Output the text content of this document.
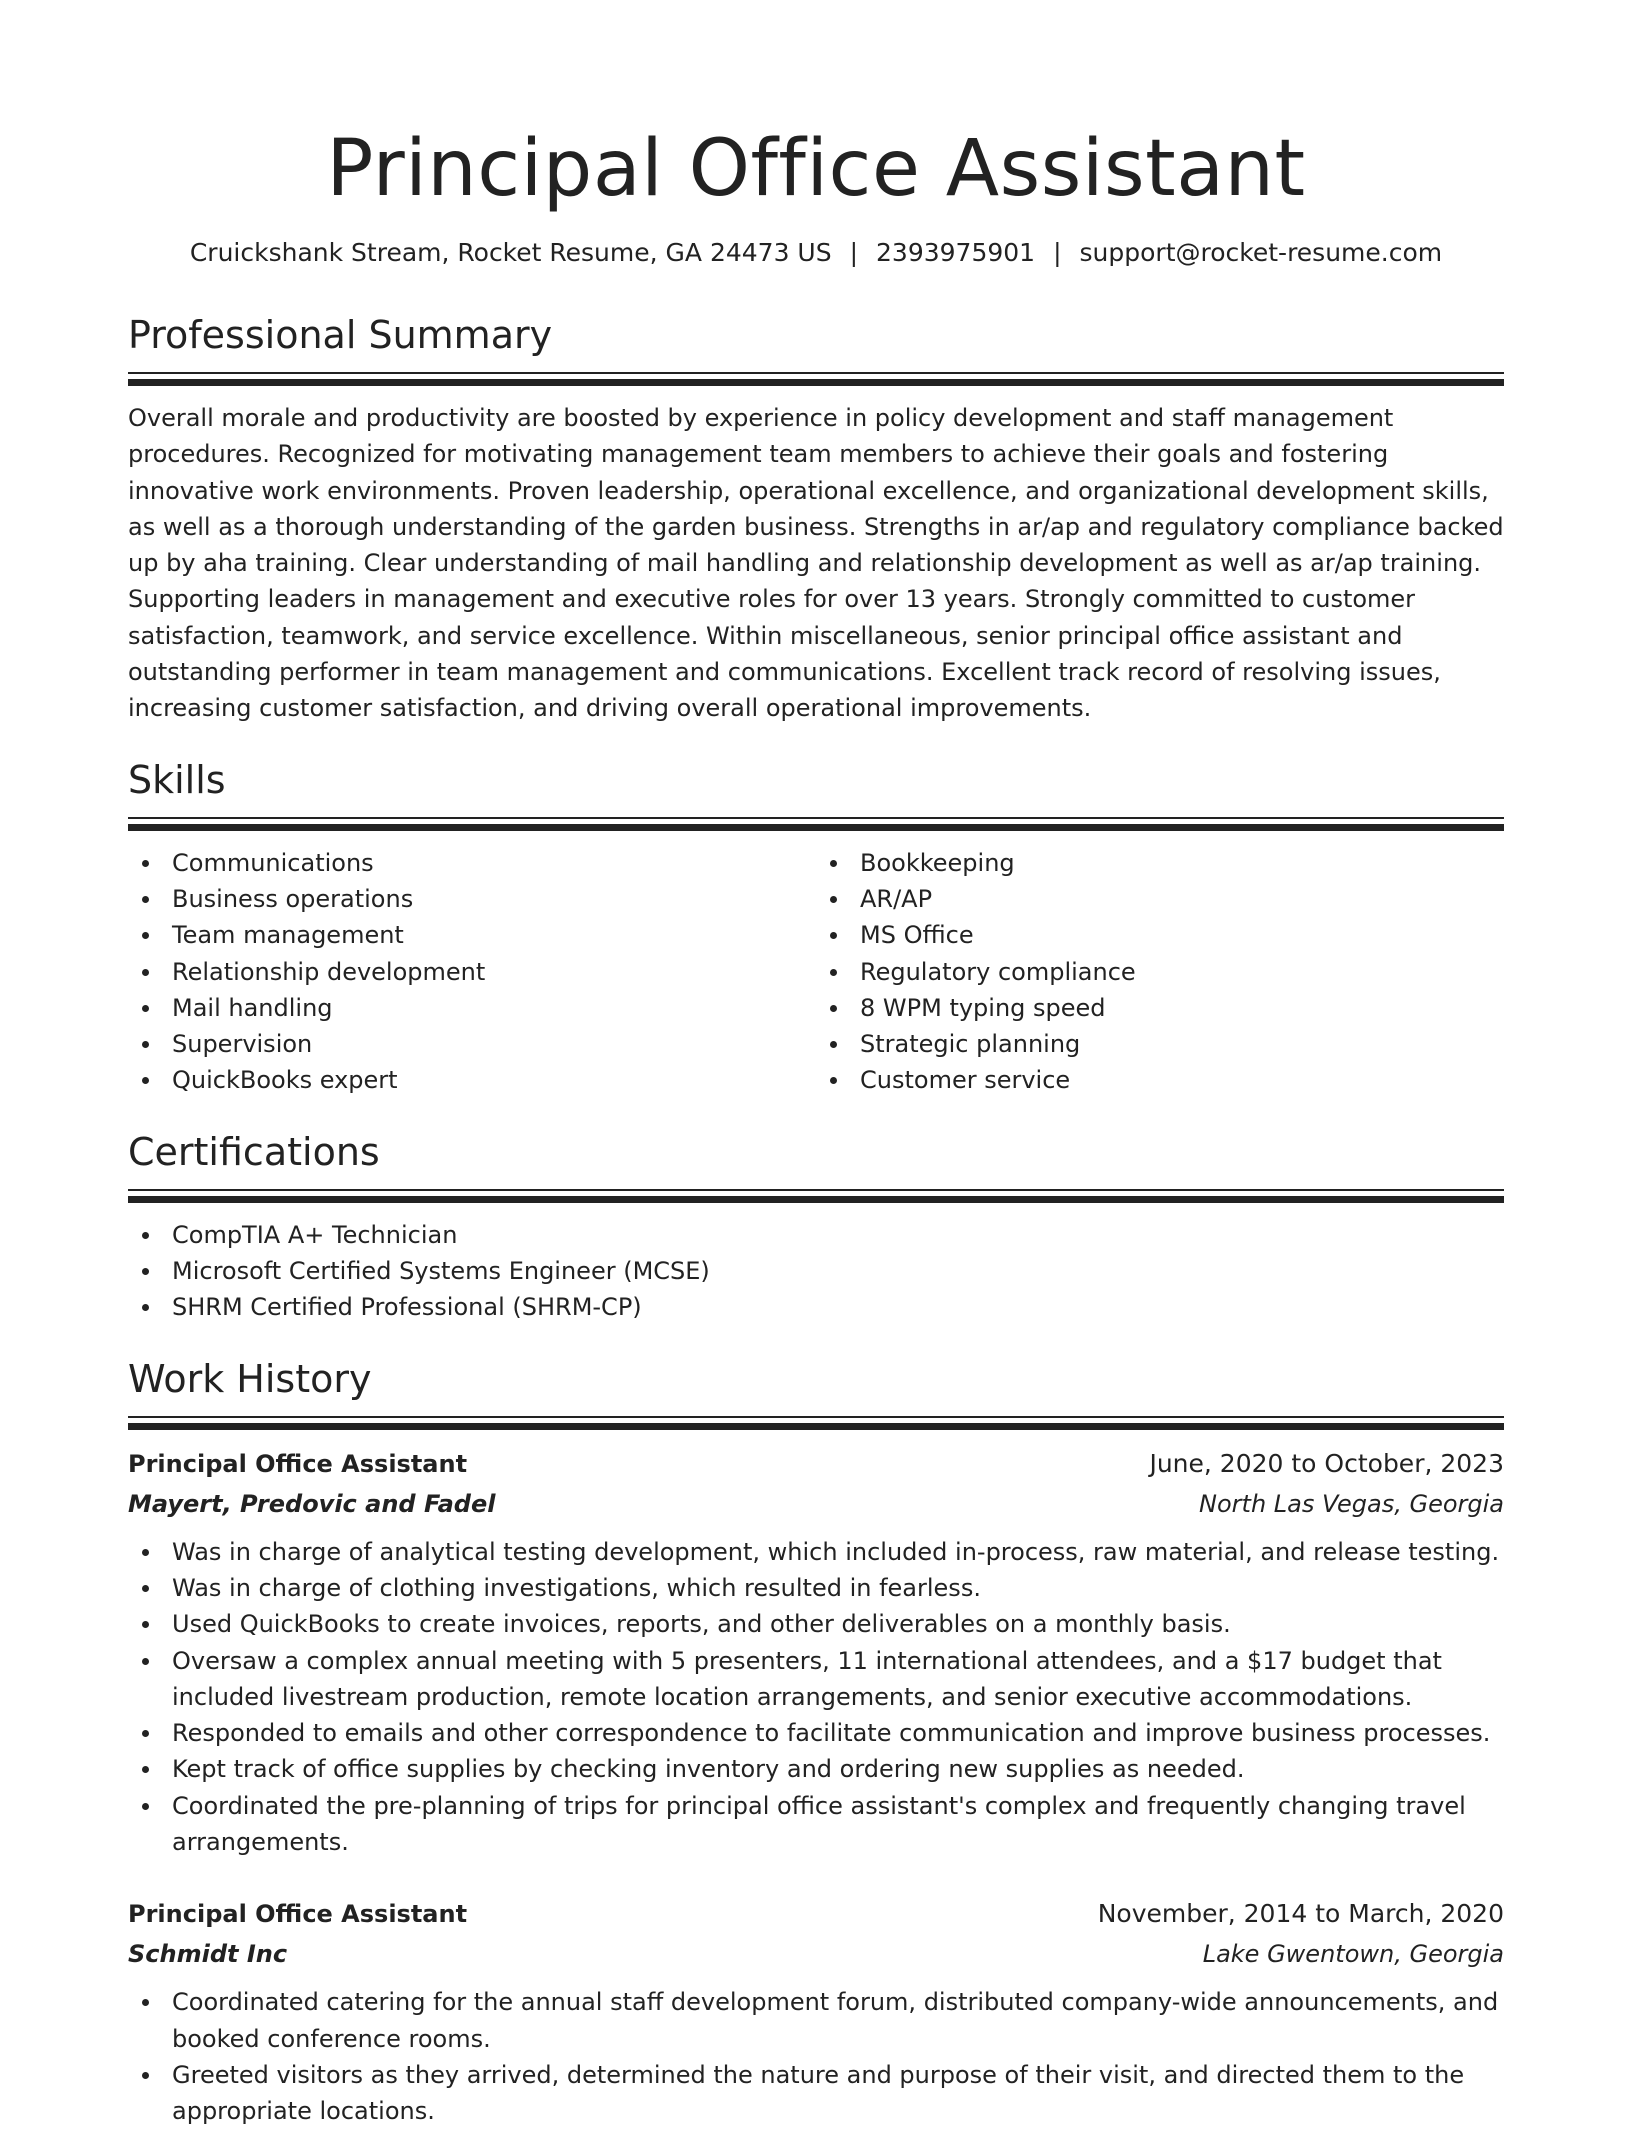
Principal Office Assistant
Cruickshank Stream, Rocket Resume, GA 24473 US | 2393975901 | support@rocket-resume.com
Professional Summary

Overall morale and productivity are boosted by experience in policy development and staff management procedures. Recognized for motivating management team members to achieve their goals and fostering innovative work environments. Proven leadership, operational excellence, and organizational development skills, as well as a thorough understanding of the garden business. Strengths in ar/ap and regulatory compliance backed up by aha training. Clear understanding of mail handling and relationship development as well as ar/ap training. Supporting leaders in management and executive roles for over 13 years. Strongly committed to customer satisfaction, teamwork, and service excellence. Within miscellaneous, senior principal office assistant and outstanding performer in team management and communications. Excellent track record of resolving issues, increasing customer satisfaction, and driving overall operational improvements.

Skills
Communications
Business operations
Team management
Relationship development
Mail handling
Supervision
QuickBooks expert
Bookkeeping
AR/AP
MS Office
Regulatory compliance
8 WPM typing speed
Strategic planning
Customer service
Certifications
CompTIA A+ Technician
Microsoft Certified Systems Engineer (MCSE)
SHRM Certified Professional (SHRM-CP)
Work History
Principal Office Assistant	June, 2020 to October, 2023
Mayert, Predovic and Fadel	North Las Vegas, Georgia
Was in charge of analytical testing development, which included in-process, raw material, and release testing.
Was in charge of clothing investigations, which resulted in fearless.
Used QuickBooks to create invoices, reports, and other deliverables on a monthly basis.
Oversaw a complex annual meeting with 5 presenters, 11 international attendees, and a $17 budget that included livestream production, remote location arrangements, and senior executive accommodations.
Responded to emails and other correspondence to facilitate communication and improve business processes.
Kept track of office supplies by checking inventory and ordering new supplies as needed.
Coordinated the pre-planning of trips for principal office assistant's complex and frequently changing travel arrangements.
Principal Office Assistant	November, 2014 to March, 2020
Schmidt Inc	Lake Gwentown, Georgia
Coordinated catering for the annual staff development forum, distributed company-wide announcements, and booked conference rooms.
Greeted visitors as they arrived, determined the nature and purpose of their visit, and directed them to the appropriate locations.
